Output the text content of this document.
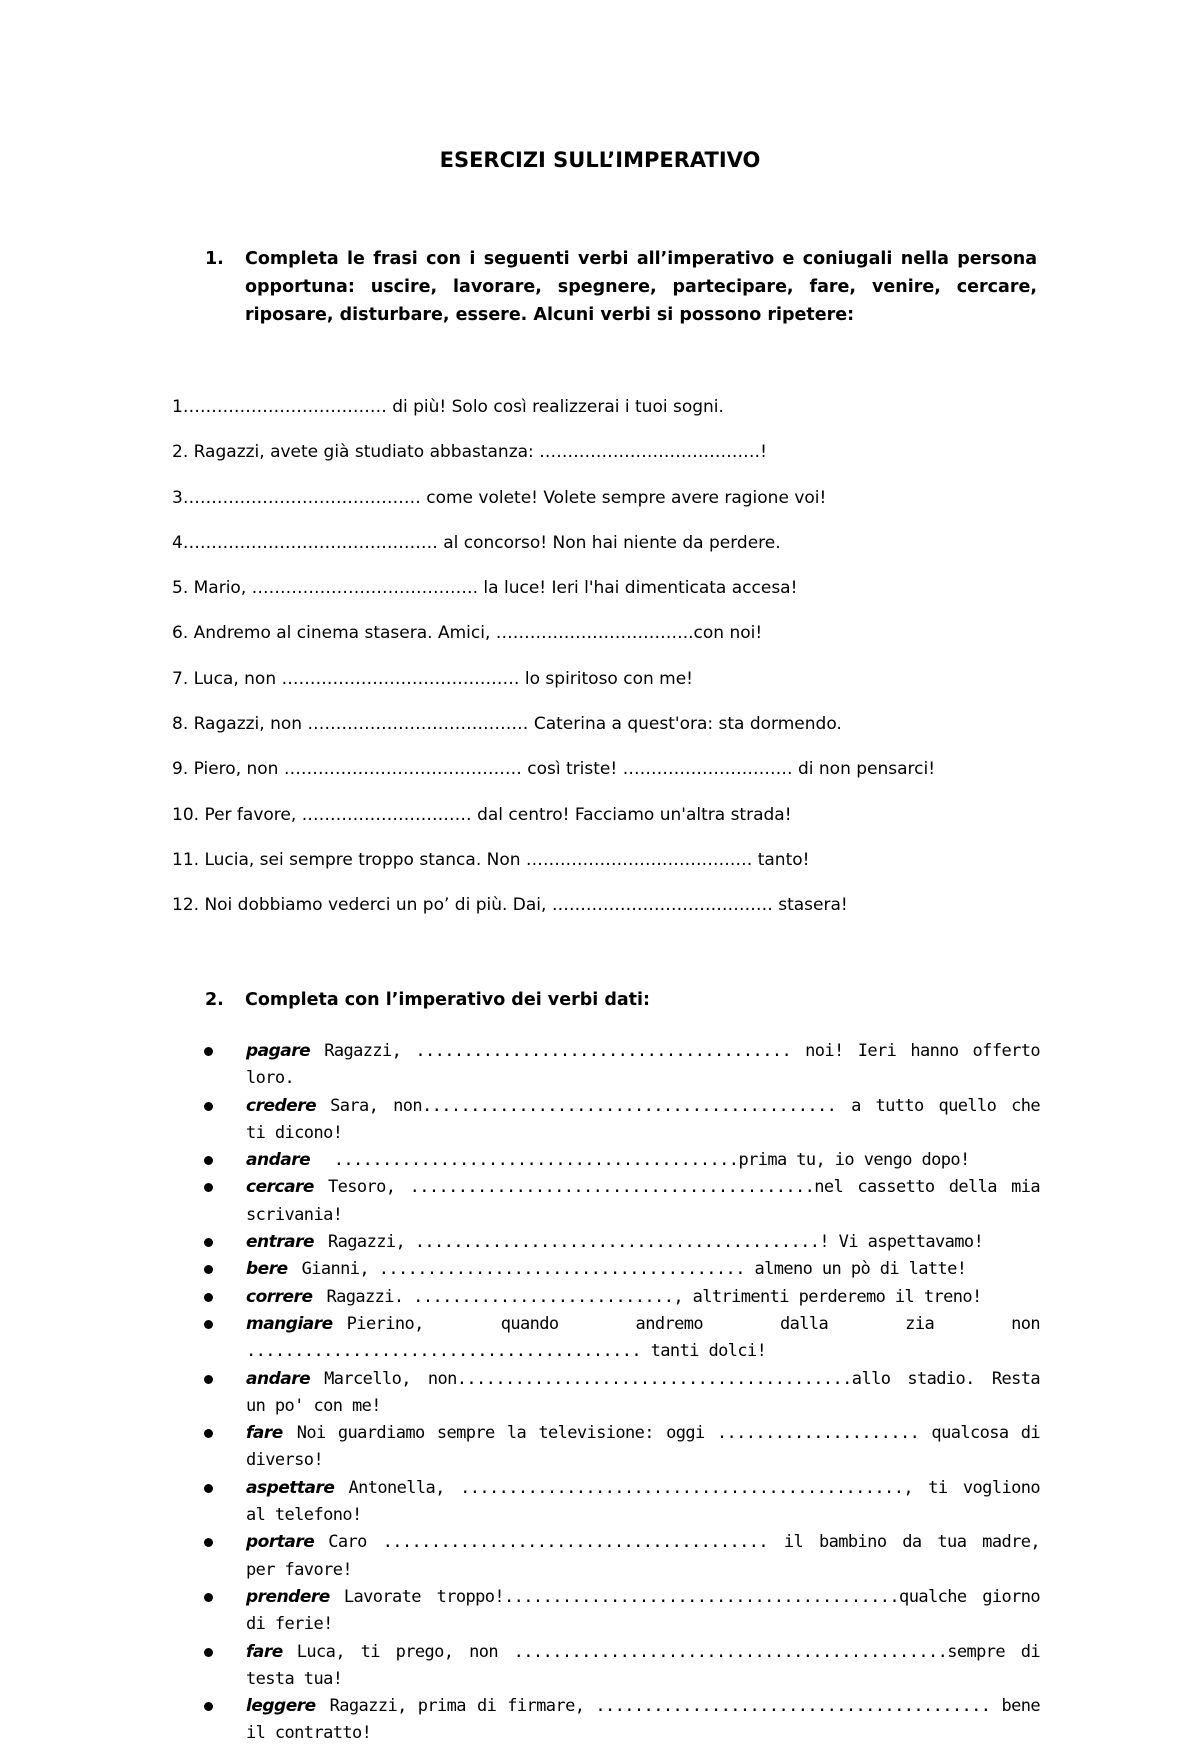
ESERCIZI SULL’IMPERATIVO
1. Completa le frasi con i seguenti verbi all’imperativo e coniugali nella persona opportuna: uscire, lavorare, spegnere, partecipare, fare, venire, cercare, riposare, disturbare, essere. Alcuni verbi si possono ripetere:
1……………………………… di più! Solo così realizzerai i tuoi sogni.
2. Ragazzi, avete già studiato abbastanza: …………………………………!
3…………………………………… come volete! Volete sempre avere ragione voi!
4……………………………………… al concorso! Non hai niente da perdere.
5. Mario, …………………………………. la luce! Ieri l'hai dimenticata accesa!
6. Andremo al cinema stasera. Amici, ……………………………..con noi!
7. Luca, non …………………………………… lo spiritoso con me!
8. Ragazzi, non ………………………………… Caterina a quest'ora: sta dormendo.
9. Piero, non …………………………………… così triste! ………………………… di non pensarci!
10. Per favore, ………………………… dal centro! Facciamo un'altra strada!
11. Lucia, sei sempre troppo stanca. Non ……………………………….… tanto!
12. Noi dobbiamo vederci un po’ di più. Dai, ………………………………… stasera!
2. Completa con l’imperativo dei verbi dati:
pagare Ragazzi, ....................................... noi! Ieri hanno offerto loro.
credere Sara, non........................................... a tutto quello che ti dicono!
andare ..........................................prima tu, io vengo dopo!
cercare Tesoro, ..........................................nel cassetto della mia scrivania!
entrare Ragazzi, ..........................................! Vi aspettavamo!
bere Gianni, ...................................... almeno un pò di latte!
correre Ragazzi. ..........................., altrimenti perderemo il treno!
mangiare Pierino, quando andremo dalla zia non ......................................... tanti dolci!
andare Marcello, non.........................................allo stadio. Resta un po' con me!
fare Noi guardiamo sempre la televisione: oggi ..................... qualcosa di diverso!
aspettare Antonella, .............................................., ti vogliono al telefono!
portare Caro ........................................ il bambino da tua madre, per favore!
prendere Lavorate troppo!.........................................qualche giorno di ferie!
fare Luca, ti prego, non .............................................sempre di testa tua!
leggere Ragazzi, prima di firmare, ......................................... bene il contratto!
